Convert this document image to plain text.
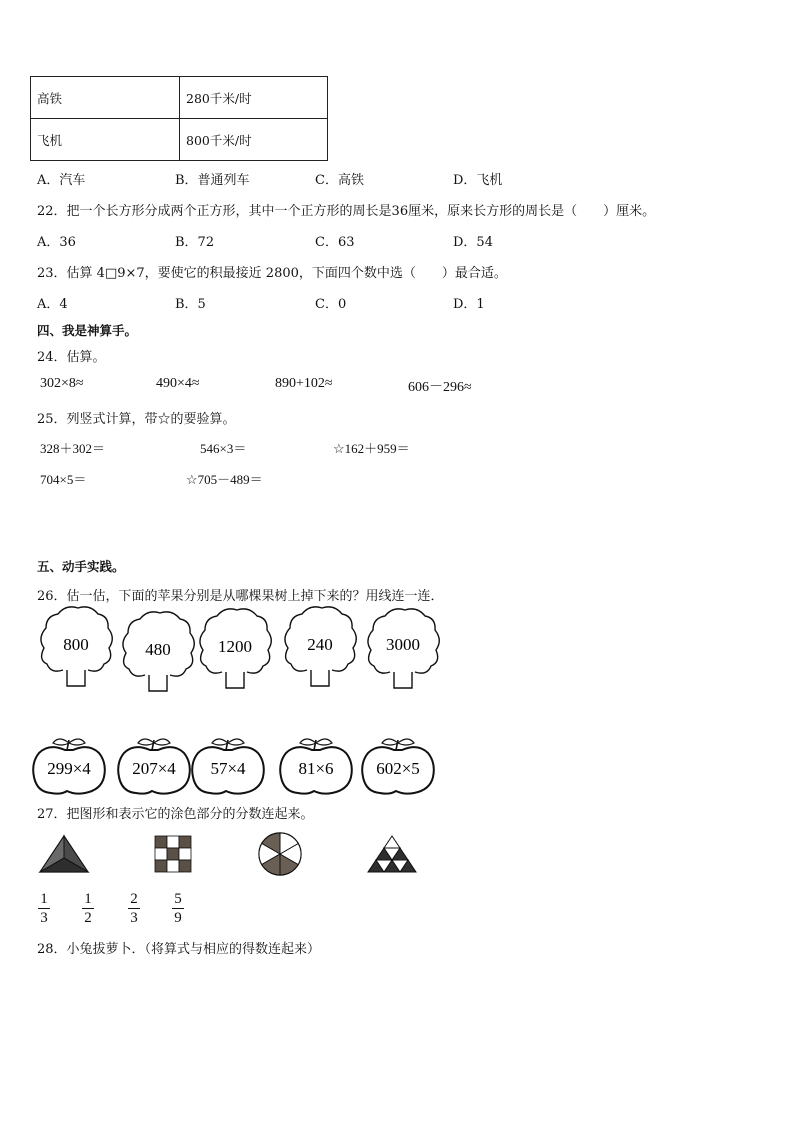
高铁	280千米/时
飞机	800千米/时
A．汽车	B．普通列车	C．高铁	D．飞机
22．把一个长方形分成两个正方形，其中一个正方形的周长是36厘米，原来长方形的周长是（　　）厘米。
A．36	B．72	C．63	D．54
23．估算 4□9×7，要使它的积最接近 2800，下面四个数中选（　　）最合适。
A．4	B．5	C．0	D．1
四、我是神算手。
24．估算。
302×8≈	490×4≈	890+102≈	606－296≈
25．列竖式计算，带☆的要验算。
328＋302＝	546×3＝	☆162＋959＝
704×5＝	☆705－489＝
五、动手实践。
26．估一估，下面的苹果分别是从哪棵果树上掉下来的？用线连一连．
800	480	1200	240	3000
299×4 207×4 57×4	81×6	602×5
27．把图形和表示它的涂色部分的分数连起来。
1
3
1
2
2
3
5
9
28．小兔拔萝卜．（将算式与相应的得数连起来）
